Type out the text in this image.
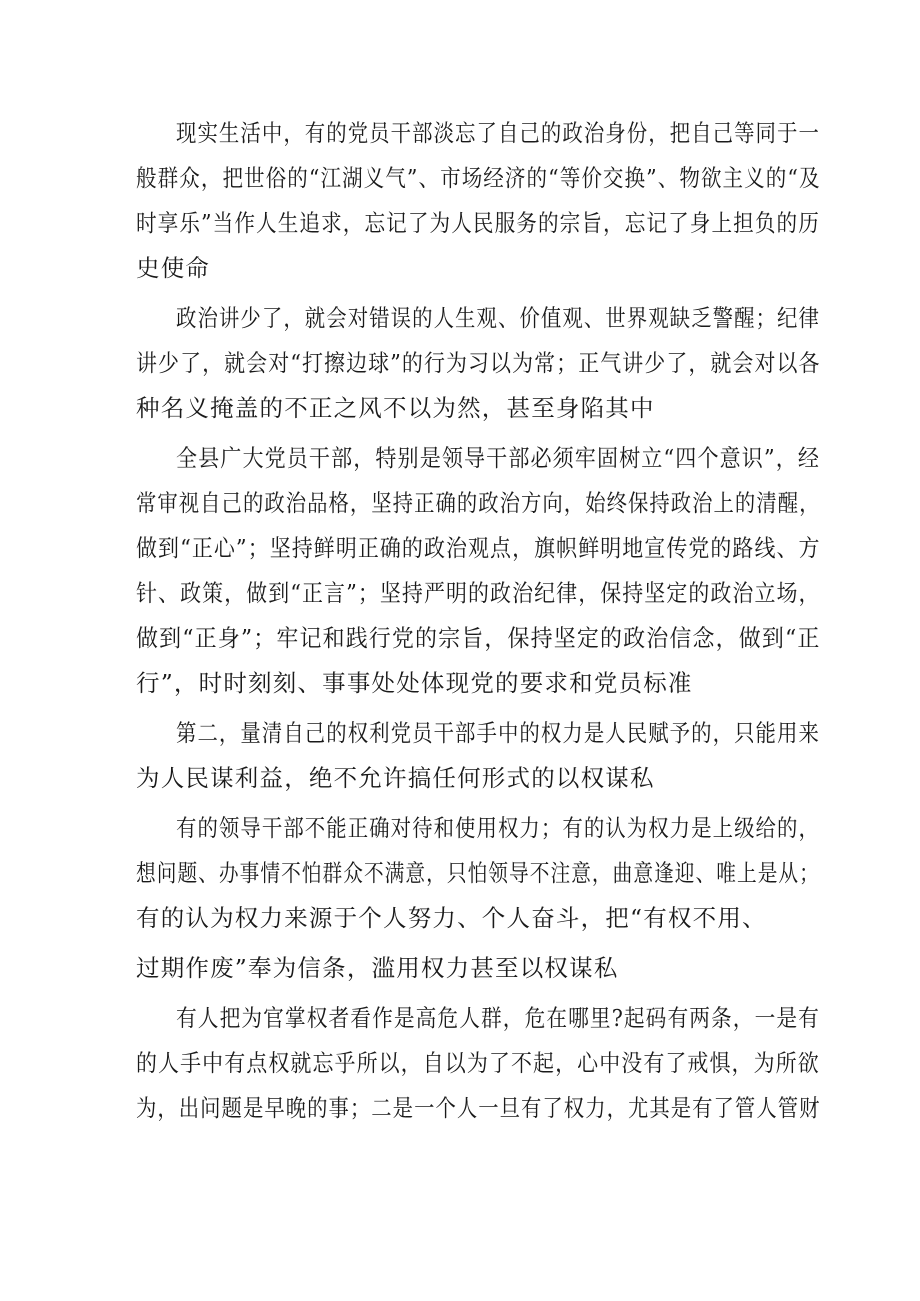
现实生活中，有的党员干部淡忘了自己的政治身份，把自己等同于一
般群众，把世俗的“江湖义气”、市场经济的“等价交换”、物欲主义的“及
时享乐”当作人生追求，忘记了为人民服务的宗旨，忘记了身上担负的历
史使命
政治讲少了，就会对错误的人生观、价值观、世界观缺乏警醒；纪律
讲少了，就会对“打擦边球”的行为习以为常；正气讲少了，就会对以各
种名义掩盖的不正之风不以为然，甚至身陷其中
全县广大党员干部，特别是领导干部必须牢固树立“四个意识”，经
常审视自己的政治品格，坚持正确的政治方向，始终保持政治上的清醒，
做到“正心”；坚持鲜明正确的政治观点，旗帜鲜明地宣传党的路线、方
针、政策，做到“正言”；坚持严明的政治纪律，保持坚定的政治立场，
做到“正身”；牢记和践行党的宗旨，保持坚定的政治信念，做到“正
行”，时时刻刻、事事处处体现党的要求和党员标准
第二，量清自己的权利党员干部手中的权力是人民赋予的，只能用来
为人民谋利益，绝不允许搞任何形式的以权谋私
有的领导干部不能正确对待和使用权力；有的认为权力是上级给的，
想问题、办事情不怕群众不满意，只怕领导不注意，曲意逢迎、唯上是从；
有的认为权力来源于个人努力、个人奋斗，把“有权不用、
过期作废”奉为信条，滥用权力甚至以权谋私
有人把为官掌权者看作是高危人群，危在哪里?起码有两条，一是有
的人手中有点权就忘乎所以，自以为了不起，心中没有了戒惧，为所欲
为，出问题是早晚的事；二是一个人一旦有了权力，尤其是有了管人管财
